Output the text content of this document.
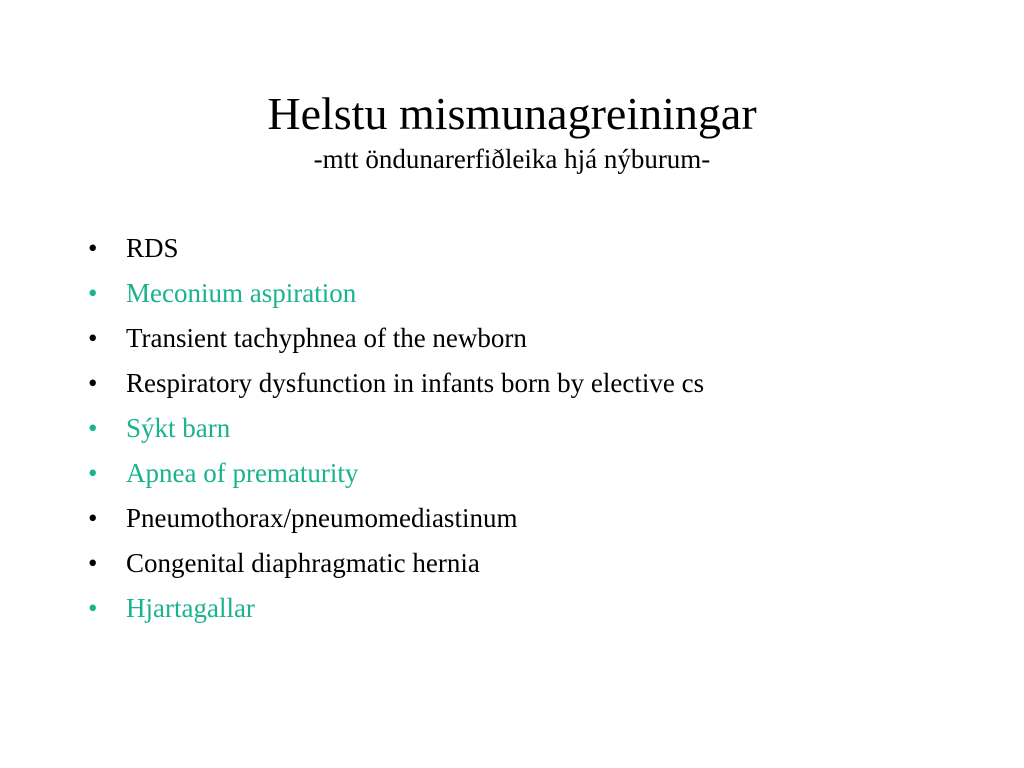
Helstu mismunagreiningar

-mtt öndunarerfiðleika hjá nýburum-

• RDS
• Meconium aspiration
• Transient tachyphnea of the newborn
• Respiratory dysfunction in infants born by elective cs
• Sýkt barn
• Apnea of prematurity
• Pneumothorax/pneumomediastinum
• Congenital diaphragmatic hernia
• Hjartagallar
